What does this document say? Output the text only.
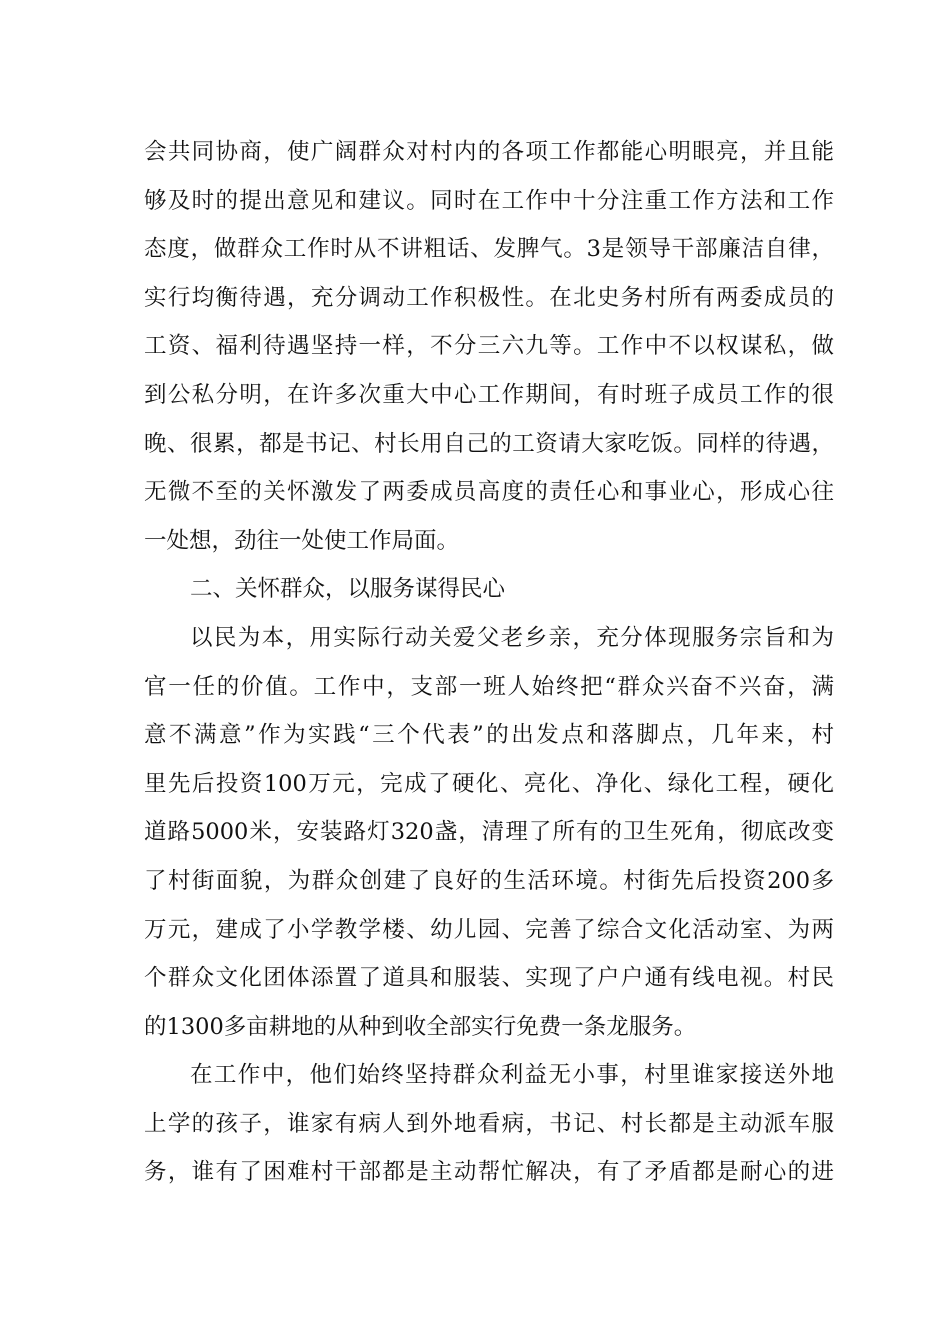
会共同协商，使广阔群众对村内的各项工作都能心明眼亮，并且能
够及时的提出意见和建议。同时在工作中十分注重工作方法和工作
态度，做群众工作时从不讲粗话、发脾气。3是领导干部廉洁自律，
实行均衡待遇，充分调动工作积极性。在北史务村所有两委成员的
工资、福利待遇坚持一样，不分三六九等。工作中不以权谋私，做
到公私分明，在许多次重大中心工作期间，有时班子成员工作的很
晚、很累，都是书记、村长用自己的工资请大家吃饭。同样的待遇，
无微不至的关怀激发了两委成员高度的责任心和事业心，形成心往
一处想，劲往一处使工作局面。
二、关怀群众，以服务谋得民心
以民为本，用实际行动关爱父老乡亲，充分体现服务宗旨和为
官一任的价值。工作中，支部一班人始终把“群众兴奋不兴奋，满
意不满意”作为实践“三个代表”的出发点和落脚点，几年来，村
里先后投资100万元，完成了硬化、亮化、净化、绿化工程，硬化
道路5000米，安装路灯320盏，清理了所有的卫生死角，彻底改变
了村街面貌，为群众创建了良好的生活环境。村街先后投资200多
万元，建成了小学教学楼、幼儿园、完善了综合文化活动室、为两
个群众文化团体添置了道具和服装、实现了户户通有线电视。村民
的1300多亩耕地的从种到收全部实行免费一条龙服务。
在工作中，他们始终坚持群众利益无小事，村里谁家接送外地
上学的孩子，谁家有病人到外地看病，书记、村长都是主动派车服
务，谁有了困难村干部都是主动帮忙解决，有了矛盾都是耐心的进
